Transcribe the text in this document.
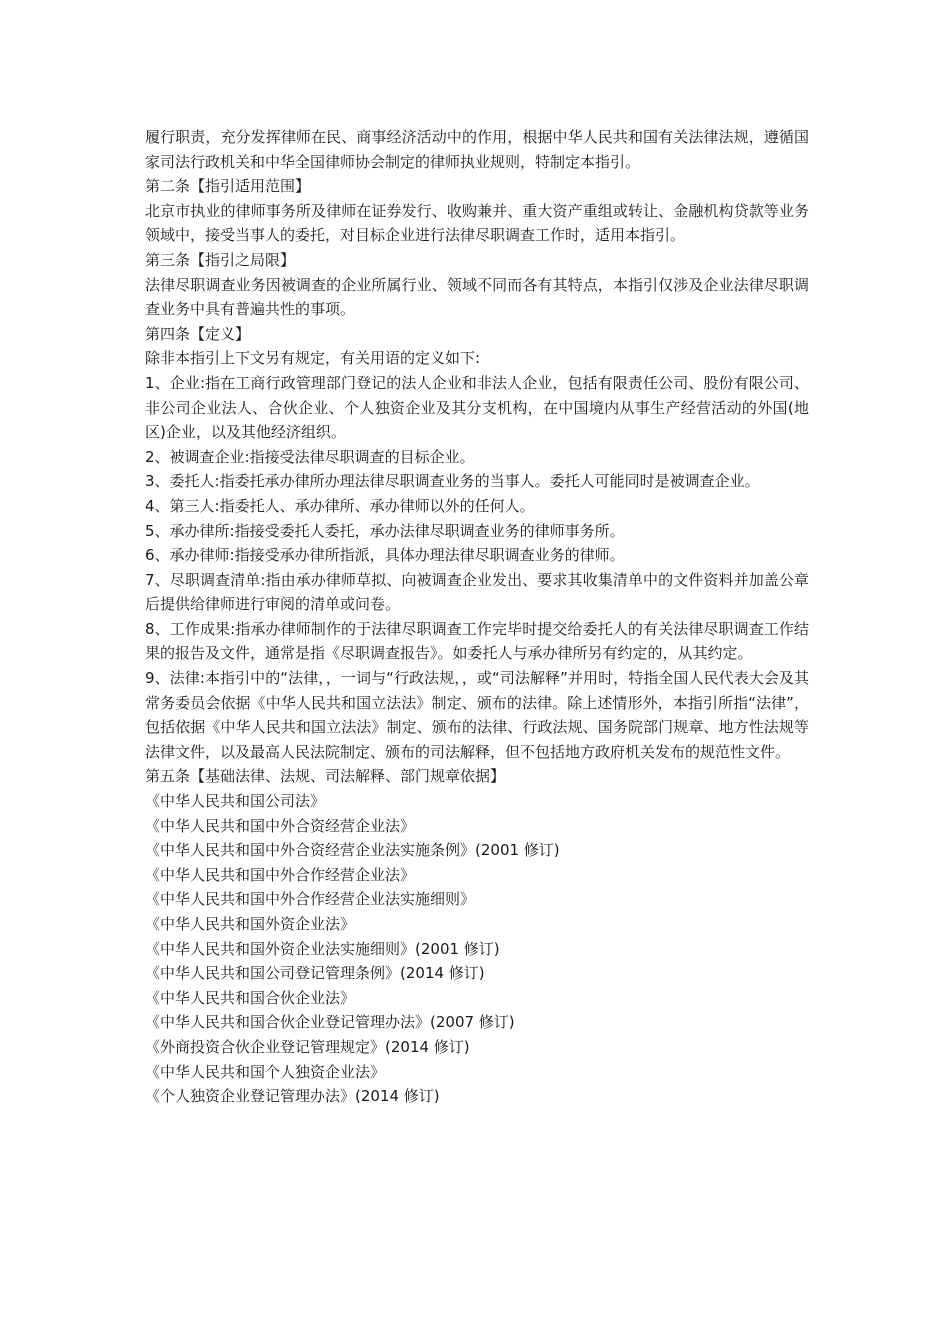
履行职责，充分发挥律师在民、商事经济活动中的作用，根据中华人民共和国有关法律法规，遵循国家司法行政机关和中华全国律师协会制定的律师执业规则，特制定本指引。

第二条【指引适用范围】

北京市执业的律师事务所及律师在证券发行、收购兼并、重大资产重组或转让、金融机构贷款等业务领域中，接受当事人的委托，对目标企业进行法律尽职调查工作时，适用本指引。

第三条【指引之局限】

法律尽职调查业务因被调查的企业所属行业、领域不同而各有其特点，本指引仅涉及企业法律尽职调查业务中具有普遍共性的事项。

第四条【定义】

除非本指引上下文另有规定，有关用语的定义如下:

1、企业:指在工商行政管理部门登记的法人企业和非法人企业，包括有限责任公司、股份有限公司、非公司企业法人、合伙企业、个人独资企业及其分支机构，在中国境内从事生产经营活动的外国(地区)企业，以及其他经济组织。

2、被调查企业:指接受法律尽职调查的目标企业。

3、委托人:指委托承办律所办理法律尽职调查业务的当事人。委托人可能同时是被调查企业。

4、第三人:指委托人、承办律所、承办律师以外的任何人。

5、承办律所:指接受委托人委托，承办法律尽职调查业务的律师事务所。

6、承办律师:指接受承办律所指派，具体办理法律尽职调查业务的律师。

7、尽职调查清单:指由承办律师草拟、向被调查企业发出、要求其收集清单中的文件资料并加盖公章后提供给律师进行审阅的清单或问卷。

8、工作成果:指承办律师制作的于法律尽职调查工作完毕时提交给委托人的有关法律尽职调查工作结果的报告及文件，通常是指《尽职调查报告》。如委托人与承办律所另有约定的，从其约定。

9、法律:本指引中的“法律，，一词与“行政法规，，或“司法解释”并用时，特指全国人民代表大会及其常务委员会依据《中华人民共和国立法法》制定、颁布的法律。除上述情形外，本指引所指“法律”，包括依据《中华人民共和国立法法》制定、颁布的法律、行政法规、国务院部门规章、地方性法规等法律文件，以及最高人民法院制定、颁布的司法解释，但不包括地方政府机关发布的规范性文件。

第五条【基础法律、法规、司法解释、部门规章依据】

《中华人民共和国公司法》

《中华人民共和国中外合资经营企业法》

《中华人民共和国中外合资经营企业法实施条例》(2001 修订)

《中华人民共和国中外合作经营企业法》

《中华人民共和国中外合作经营企业法实施细则》

《中华人民共和国外资企业法》

《中华人民共和国外资企业法实施细则》(2001 修订)

《中华人民共和国公司登记管理条例》(2014 修订)

《中华人民共和国合伙企业法》

《中华人民共和国合伙企业登记管理办法》(2007 修订)

《外商投资合伙企业登记管理规定》(2014 修订)

《中华人民共和国个人独资企业法》

《个人独资企业登记管理办法》(2014 修订)
